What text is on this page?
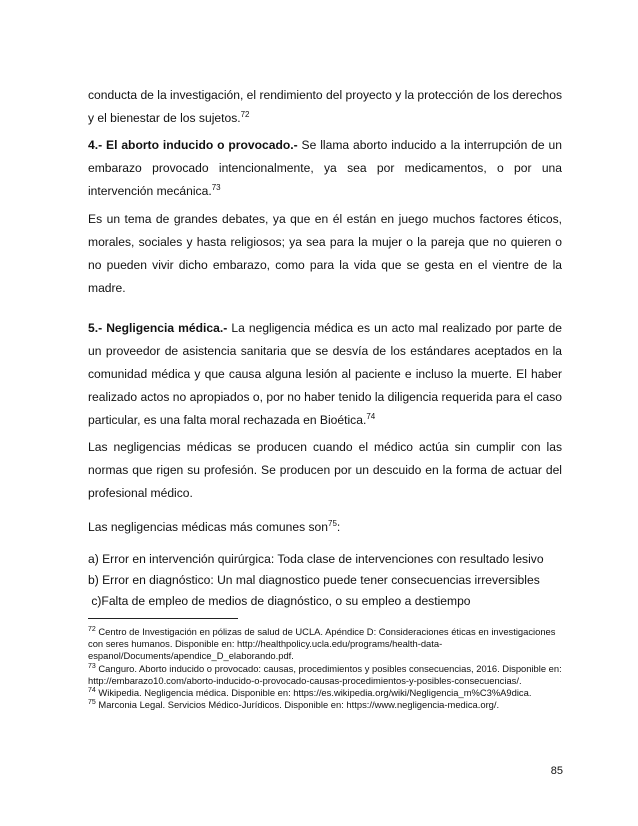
conducta de la investigación, el rendimiento del proyecto y la protección de los derechos y el bienestar de los sujetos.$^{72}$

4.- El aborto inducido o provocado.- Se llama aborto inducido a la interrupción de un embarazo provocado intencionalmente, ya sea por medicamentos, o por una intervención mecánica.$^{73}$

Es un tema de grandes debates, ya que en él están en juego muchos factores éticos, morales, sociales y hasta religiosos; ya sea para la mujer o la pareja que no quieren o no pueden vivir dicho embarazo, como para la vida que se gesta en el vientre de la madre.

5.- Negligencia médica.- La negligencia médica es un acto mal realizado por parte de un proveedor de asistencia sanitaria que se desvía de los estándares aceptados en la comunidad médica y que causa alguna lesión al paciente e incluso la muerte. El haber realizado actos no apropiados o, por no haber tenido la diligencia requerida para el caso particular, es una falta moral rechazada en Bioética.$^{74}$

Las negligencias médicas se producen cuando el médico actúa sin cumplir con las normas que rigen su profesión. Se producen por un descuido en la forma de actuar del profesional médico.

Las negligencias médicas más comunes son$^{75}$:

a) Error en intervención quirúrgica: Toda clase de intervenciones con resultado lesivo
b) Error en diagnóstico: Un mal diagnostico puede tener consecuencias irreversibles
c)Falta de empleo de medios de diagnóstico, o su empleo a destiempo
$^{72}$ Centro de Investigación en pólizas de salud de UCLA. Apéndice D: Consideraciones éticas en investigaciones con seres humanos. Disponible en: http://healthpolicy.ucla.edu/programs/health-data-espanol/Documents/apendice_D_elaborando.pdf.
$^{73}$ Canguro. Aborto inducido o provocado: causas, procedimientos y posibles consecuencias, 2016. Disponible en: http://embarazo10.com/aborto-inducido-o-provocado-causas-procedimientos-y-posibles-consecuencias/.
$^{74}$ Wikipedia. Negligencia médica. Disponible en: https://es.wikipedia.org/wiki/Negligencia_m%C3%A9dica.
$^{75}$ Marconia Legal. Servicios Médico-Jurídicos. Disponible en: https://www.negligencia-medica.org/.
85
